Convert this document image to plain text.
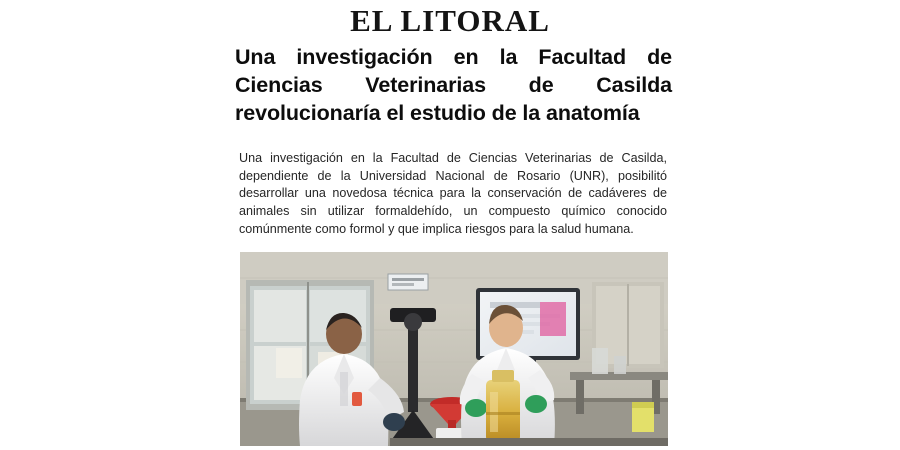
EL LITORAL
Una investigación en la Facultad de Ciencias Veterinarias de Casilda revolucionaría el estudio de la anatomía

Una investigación en la Facultad de Ciencias Veterinarias de Casilda, dependiente de la Universidad Nacional de Rosario (UNR), posibilitó desarrollar una novedosa técnica para la conservación de cadáveres de animales sin utilizar formaldehído, un compuesto químico conocido comúnmente como formol y que implica riesgos para la salud humana.
